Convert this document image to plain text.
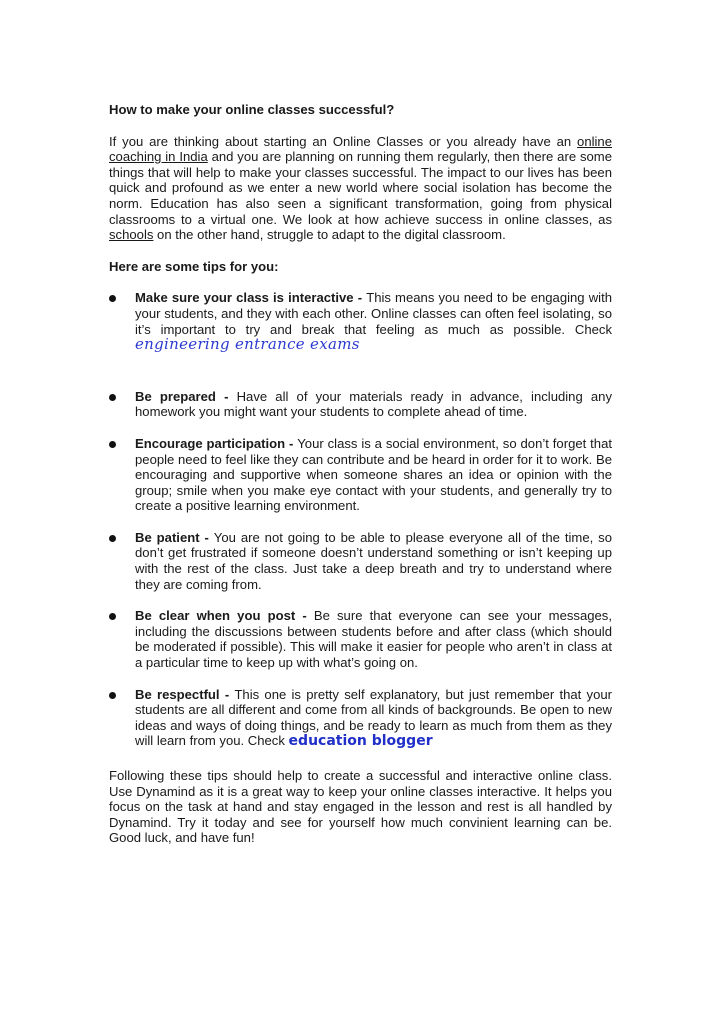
How to make your online classes successful?

If you are thinking about starting an Online Classes or you already have an online coaching in India and you are planning on running them regularly, then there are some things that will help to make your classes successful. The impact to our lives has been quick and profound as we enter a new world where social isolation has become the norm. Education has also seen a significant transformation, going from physical classrooms to a virtual one. We look at how achieve success in online classes, as schools on the other hand, struggle to adapt to the digital classroom.

Here are some tips for you:

Make sure your class is interactive - This means you need to be engaging with your students, and they with each other. Online classes can often feel isolating, so it’s important to try and break that feeling as much as possible. Check engineering entrance exams
Be prepared - Have all of your materials ready in advance, including any homework you might want your students to complete ahead of time.
Encourage participation - Your class is a social environment, so don’t forget that people need to feel like they can contribute and be heard in order for it to work. Be encouraging and supportive when someone shares an idea or opinion with the group; smile when you make eye contact with your students, and generally try to create a positive learning environment.
Be patient - You are not going to be able to please everyone all of the time, so don’t get frustrated if someone doesn’t understand something or isn’t keeping up with the rest of the class. Just take a deep breath and try to understand where they are coming from.
Be clear when you post - Be sure that everyone can see your messages, including the discussions between students before and after class (which should be moderated if possible). This will make it easier for people who aren’t in class at a particular time to keep up with what’s going on.
Be respectful - This one is pretty self explanatory, but just remember that your students are all different and come from all kinds of backgrounds. Be open to new ideas and ways of doing things, and be ready to learn as much from them as they will learn from you. Check education blogger

Following these tips should help to create a successful and interactive online class. Use Dynamind as it is a great way to keep your online classes interactive. It helps you focus on the task at hand and stay engaged in the lesson and rest is all handled by Dynamind. Try it today and see for yourself how much convinient learning can be. Good luck, and have fun!
